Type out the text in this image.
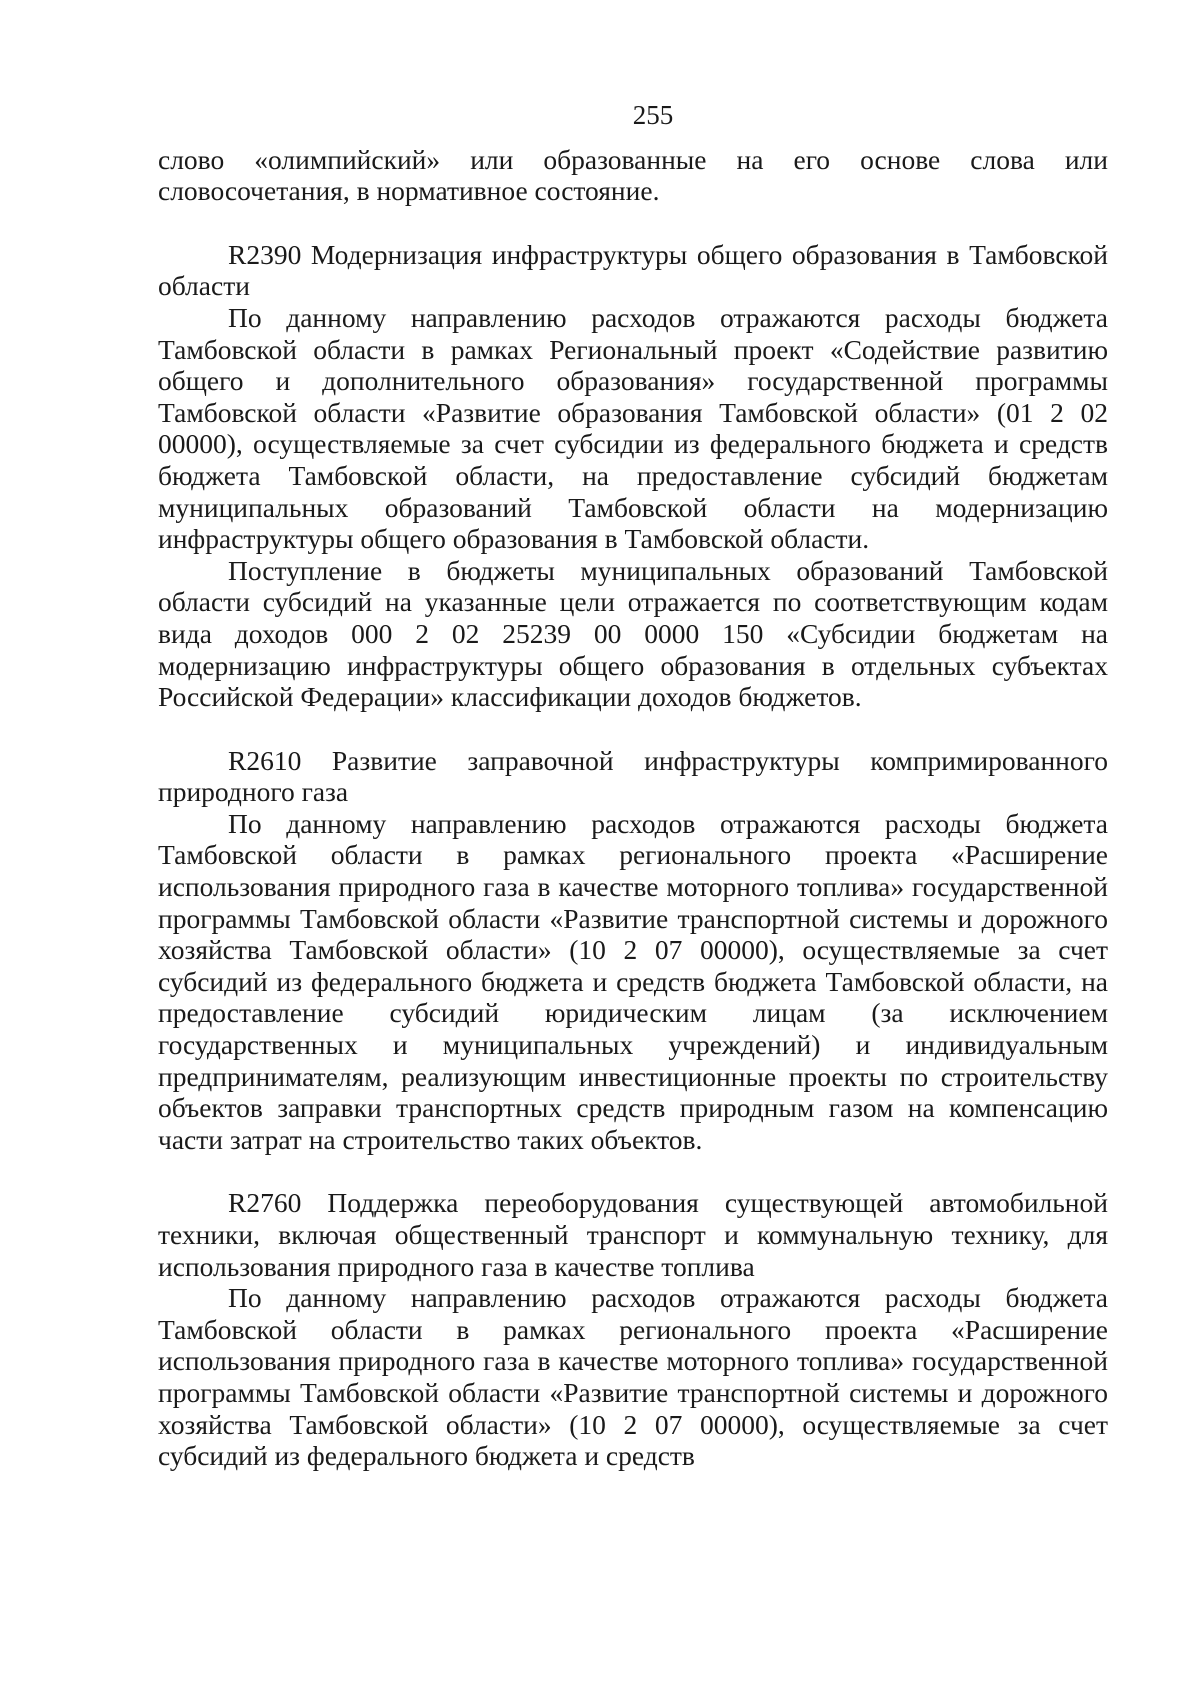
255

слово «олимпийский» или образованные на его основе слова или словосочетания, в нормативное состояние.

R2390 Модернизация инфраструктуры общего образования в Тамбовской области

По данному направлению расходов отражаются расходы бюджета Тамбовской области в рамках Региональный проект «Содействие развитию общего и дополнительного образования» государственной программы Тамбовской области «Развитие образования Тамбовской области» (01 2 02 00000), осуществляемые за счет субсидии из федерального бюджета и средств бюджета Тамбовской области, на предоставление субсидий бюджетам муниципальных образований Тамбовской области на модернизацию инфраструктуры общего образования в Тамбовской области.

Поступление в бюджеты муниципальных образований Тамбовской области субсидий на указанные цели отражается по соответствующим кодам вида доходов 000 2 02 25239 00 0000 150 «Субсидии бюджетам на модернизацию инфраструктуры общего образования в отдельных субъектах Российской Федерации» классификации доходов бюджетов.

R2610 Развитие заправочной инфраструктуры компримированного природного газа

По данному направлению расходов отражаются расходы бюджета Тамбовской области в рамках регионального проекта «Расширение использования природного газа в качестве моторного топлива» государственной программы Тамбовской области «Развитие транспортной системы и дорожного хозяйства Тамбовской области» (10 2 07 00000), осуществляемые за счет субсидий из федерального бюджета и средств бюджета Тамбовской области, на предоставление субсидий юридическим лицам (за исключением государственных и муниципальных учреждений) и индивидуальным предпринимателям, реализующим инвестиционные проекты по строительству объектов заправки транспортных средств природным газом на компенсацию части затрат на строительство таких объектов.

R2760 Поддержка переоборудования существующей автомобильной техники, включая общественный транспорт и коммунальную технику, для использования природного газа в качестве топлива

По данному направлению расходов отражаются расходы бюджета Тамбовской области в рамках регионального проекта «Расширение использования природного газа в качестве моторного топлива» государственной программы Тамбовской области «Развитие транспортной системы и дорожного хозяйства Тамбовской области» (10 2 07 00000), осуществляемые за счет субсидий из федерального бюджета и средств
